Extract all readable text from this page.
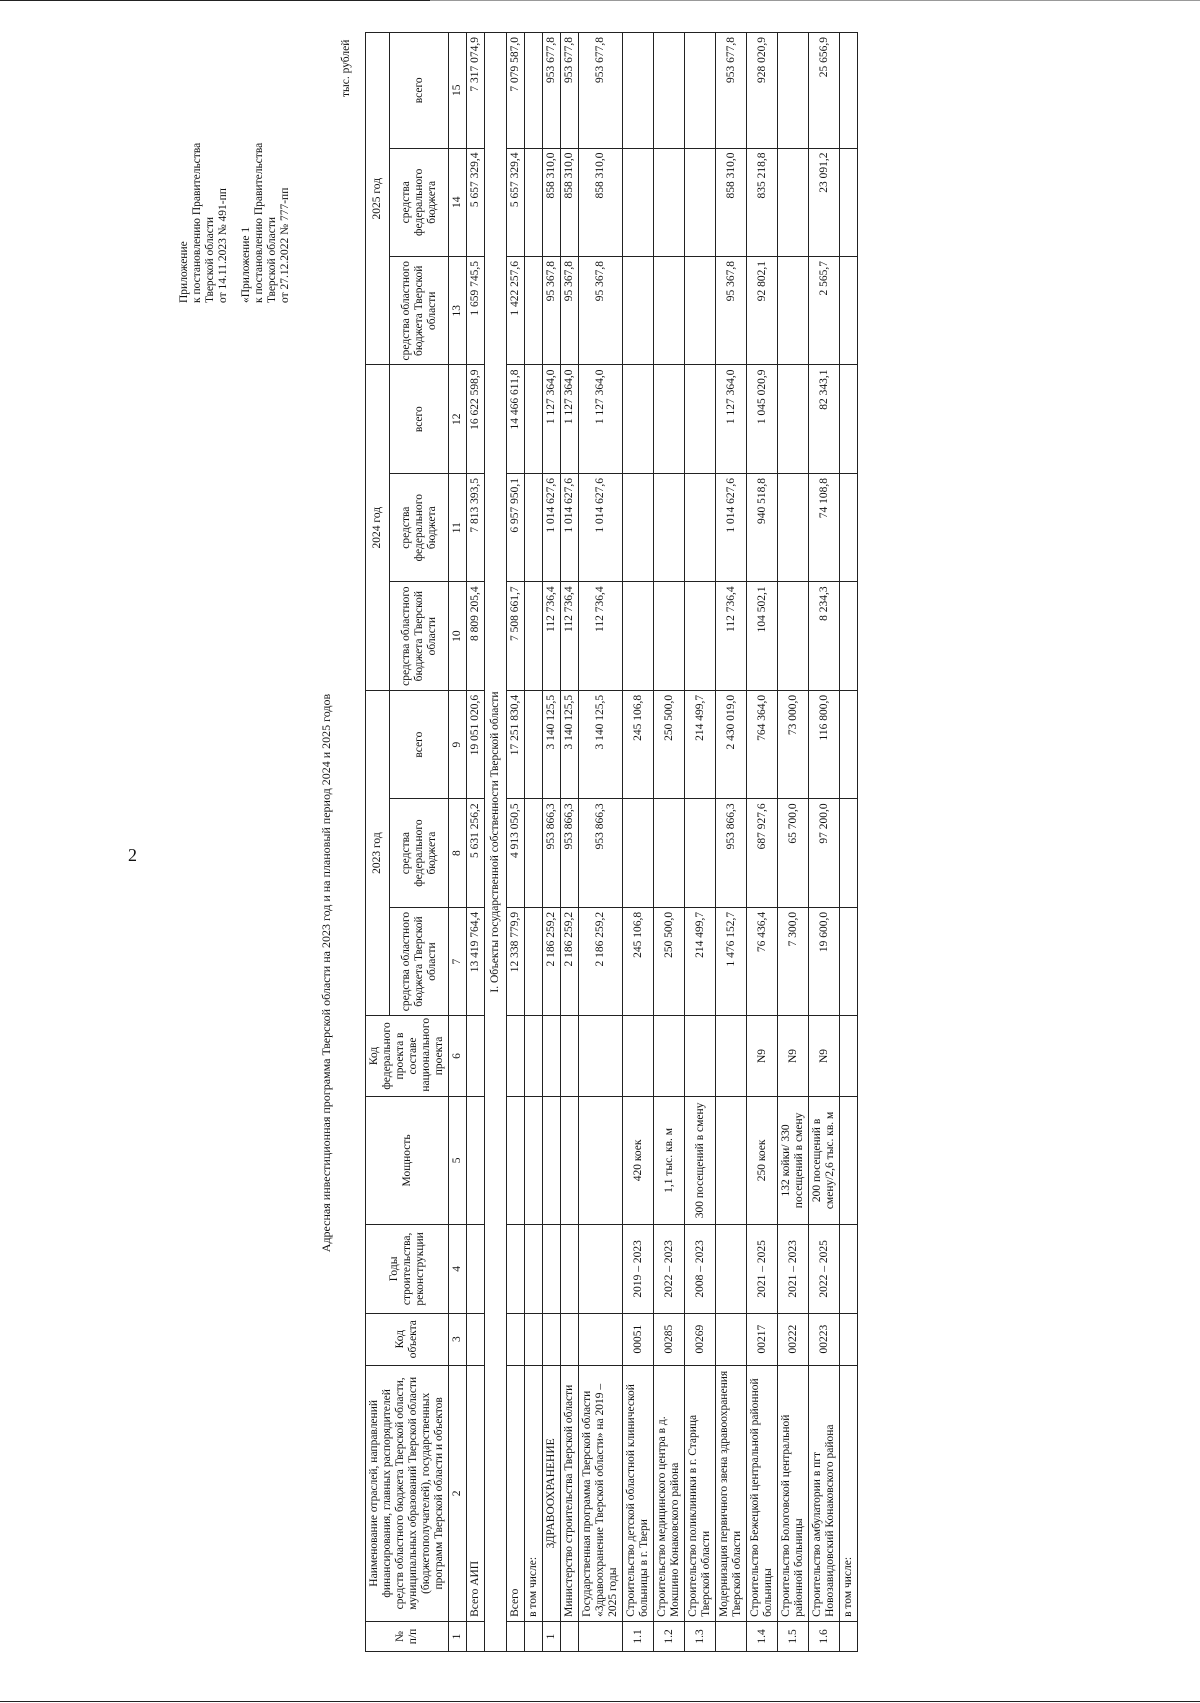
Приложение к постановлению Правительства Тверской области от 14.11.2023 № 491-пп «Приложение 1 к постановлению Правительства Тверской области от 27.12.2022 № 777-пп
тыс. рублей
Адресная инвестиционная программа Тверской области на 2023 год и на плановый период 2024 и 2025 годов
№ п/п	Наименование отраслей, направлений финансирования, главных распорядителей средств областного бюджета Тверской области, муниципальных образований Тверской области (бюджетополучателей), государственных программ Тверской области и объектов	Код объекта	Годы строительства, реконструкции	Мощность	Код федерального проекта в составе национального проекта	2023 год			2024 год			2025 год		
						средства областного бюджета Тверской области	средства федерального бюджета	всего	средства областного бюджета Тверской области	средства федерального бюджета	всего	средства областного бюджета Тверской области	средства федерального бюджета	всего
1	2	3	4	5	6	7	8	9	10	11	12	13	14	15
	Всего АИП					13 419 764,4	5 631 256,2	19 051 020,6	8 809 205,4	7 813 393,5	16 622 598,9	1 659 745,5	5 657 329,4	7 317 074,9
I. Объекты государственной собственности Тверской области														
	Всего					12 338 779,9	4 913 050,5	17 251 830,4	7 508 661,7	6 957 950,1	14 466 611,8	1 422 257,6	5 657 329,4	7 079 587,0
	в том числе:													
1	ЗДРАВООХРАНЕНИЕ					2 186 259,2	953 866,3	3 140 125,5	112 736,4	1 014 627,6	1 127 364,0	95 367,8	858 310,0	953 677,8
	Министерство строительства Тверской области					2 186 259,2	953 866,3	3 140 125,5	112 736,4	1 014 627,6	1 127 364,0	95 367,8	858 310,0	953 677,8
	Государственная программа Тверской области «Здравоохранение Тверской области» на 2019 – 2025 годы					2 186 259,2	953 866,3	3 140 125,5	112 736,4	1 014 627,6	1 127 364,0	95 367,8	858 310,0	953 677,8
1.1	Строительство детской областной клинической больницы в г. Твери	00051	2019 – 2023	420 коек		245 106,8		245 106,8						
1.2	Строительство медицинского центра в д. Мокшино Конаковского района	00285	2022 – 2023	1,1 тыс. кв. м		250 500,0		250 500,0						
1.3	Строительство поликлиники в г. Старица Тверской области	00269	2008 – 2023	300 посещений в смену		214 499,7		214 499,7						
	Модернизация первичного звена здравоохранения Тверской области					1 476 152,7	953 866,3	2 430 019,0	112 736,4	1 014 627,6	1 127 364,0	95 367,8	858 310,0	953 677,8
1.4	Строительство Бежецкой центральной районной больницы	00217	2021 – 2025	250 коек	N9	76 436,4	687 927,6	764 364,0	104 502,1	940 518,8	1 045 020,9	92 802,1	835 218,8	928 020,9
1.5	Строительство Бологовской центральной районной больницы	00222	2021 – 2023	132 койки/ 330 посещений в смену	N9	7 300,0	65 700,0	73 000,0						
1.6	Строительство амбулатории в пгт Новозавидовский Конаковского района	00223	2022 – 2025	200 посещений в смену/2,6 тыс. кв. м	N9	19 600,0	97 200,0	116 800,0	8 234,3	74 108,8	82 343,1	2 565,7	23 091,2	25 656,9
	в том числе:													
2
